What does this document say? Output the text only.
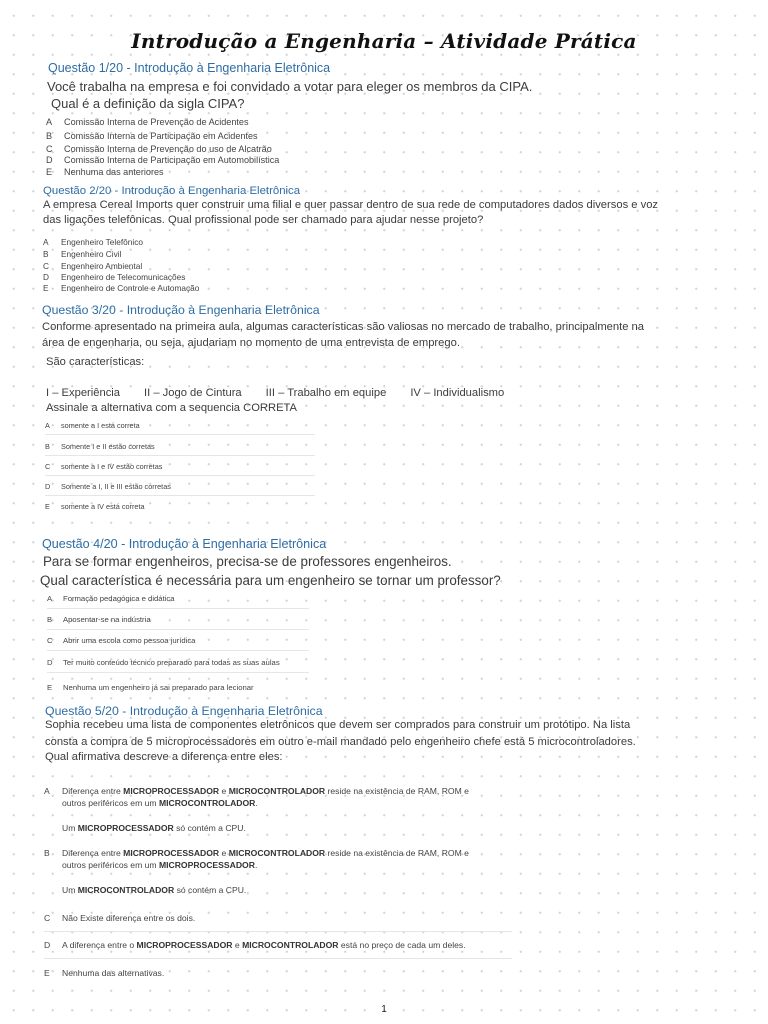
Introdução a Engenharia – Atividade Prática
Questão 1/20 - Introdução à Engenharia Eletrônica
Você trabalha na empresa e foi convidado a votar para eleger os membros da CIPA.
Qual é a definição da sigla CIPA?
A	Comissão Interna de Prevenção de Acidentes
B	Comissão Interna de Participação em Acidentes
C	Comissão Interna de Prevenção do uso de Alcatrão
D	Comissão Interna de Participação em Automobilística
E	Nenhuma das anteriores
Questão 2/20 - Introdução à Engenharia Eletrônica
A empresa Cereal Imports quer construir uma filial e quer passar dentro de sua rede de computadores dados diversos e voz
das ligações telefônicas. Qual profissional pode ser chamado para ajudar nesse projeto?
A	Engenheiro Telefônico
B	Engenheiro Civil
C	Engenheiro Ambiental
D	Engenheiro de Telecomunicações
E	Engenheiro de Controle e Automação
Questão 3/20 - Introdução à Engenharia Eletrônica
Conforme apresentado na primeira aula, algumas características são valiosas no mercado de trabalho, principalmente na
área de engenharia, ou seja, ajudariam no momento de uma entrevista de emprego.
São características:
I – Experiência II – Jogo de Cintura III – Trabalho em equipe IV – Individualismo
Assinale a alternativa com a sequencia CORRETA
A	somente a I está correta
B	Somente I e II estão corretas
C	somente a I e IV estão corretas
D	Somente a I, II e III estão corretas
E	somente a IV está correta
Questão 4/20 - Introdução à Engenharia Eletrônica
Para se formar engenheiros, precisa-se de professores engenheiros.
Qual característica é necessária para um engenheiro se tornar um professor?
A	Formação pedagógica e didática
B	Aposentar-se na indústria
C	Abrir uma escola como pessoa jurídica
D	Ter muito conteúdo técnico preparado para todas as suas aulas
E	Nenhuma um engenheiro já sai preparado para lecionar
Questão 5/20 - Introdução à Engenharia Eletrônica
Sophia recebeu uma lista de componentes eletrônicos que devem ser comprados para construir um protótipo. Na lista
consta a compra de 5 microprocessadores em outro e-mail mandado pelo engenheiro chefe está 5 microcontroladores.
Qual afirmativa descreve a diferença entre eles:
A Diferença entre MICROPROCESSADOR e MICROCONTROLADOR reside na existência de RAM, ROM e
outros periféricos em um MICROCONTROLADOR.
Um MICROPROCESSADOR só contém a CPU.
B Diferença entre MICROPROCESSADOR e MICROCONTROLADOR reside na existência de RAM, ROM e
outros periféricos em um MICROPROCESSADOR.
Um MICROCONTROLADOR só contém a CPU.
C	Não Existe diferença entre os dois.
D	A diferença entre o MICROPROCESSADOR e MICROCONTROLADOR está no preço de cada um deles.
E	Nenhuma das alternativas.
1
